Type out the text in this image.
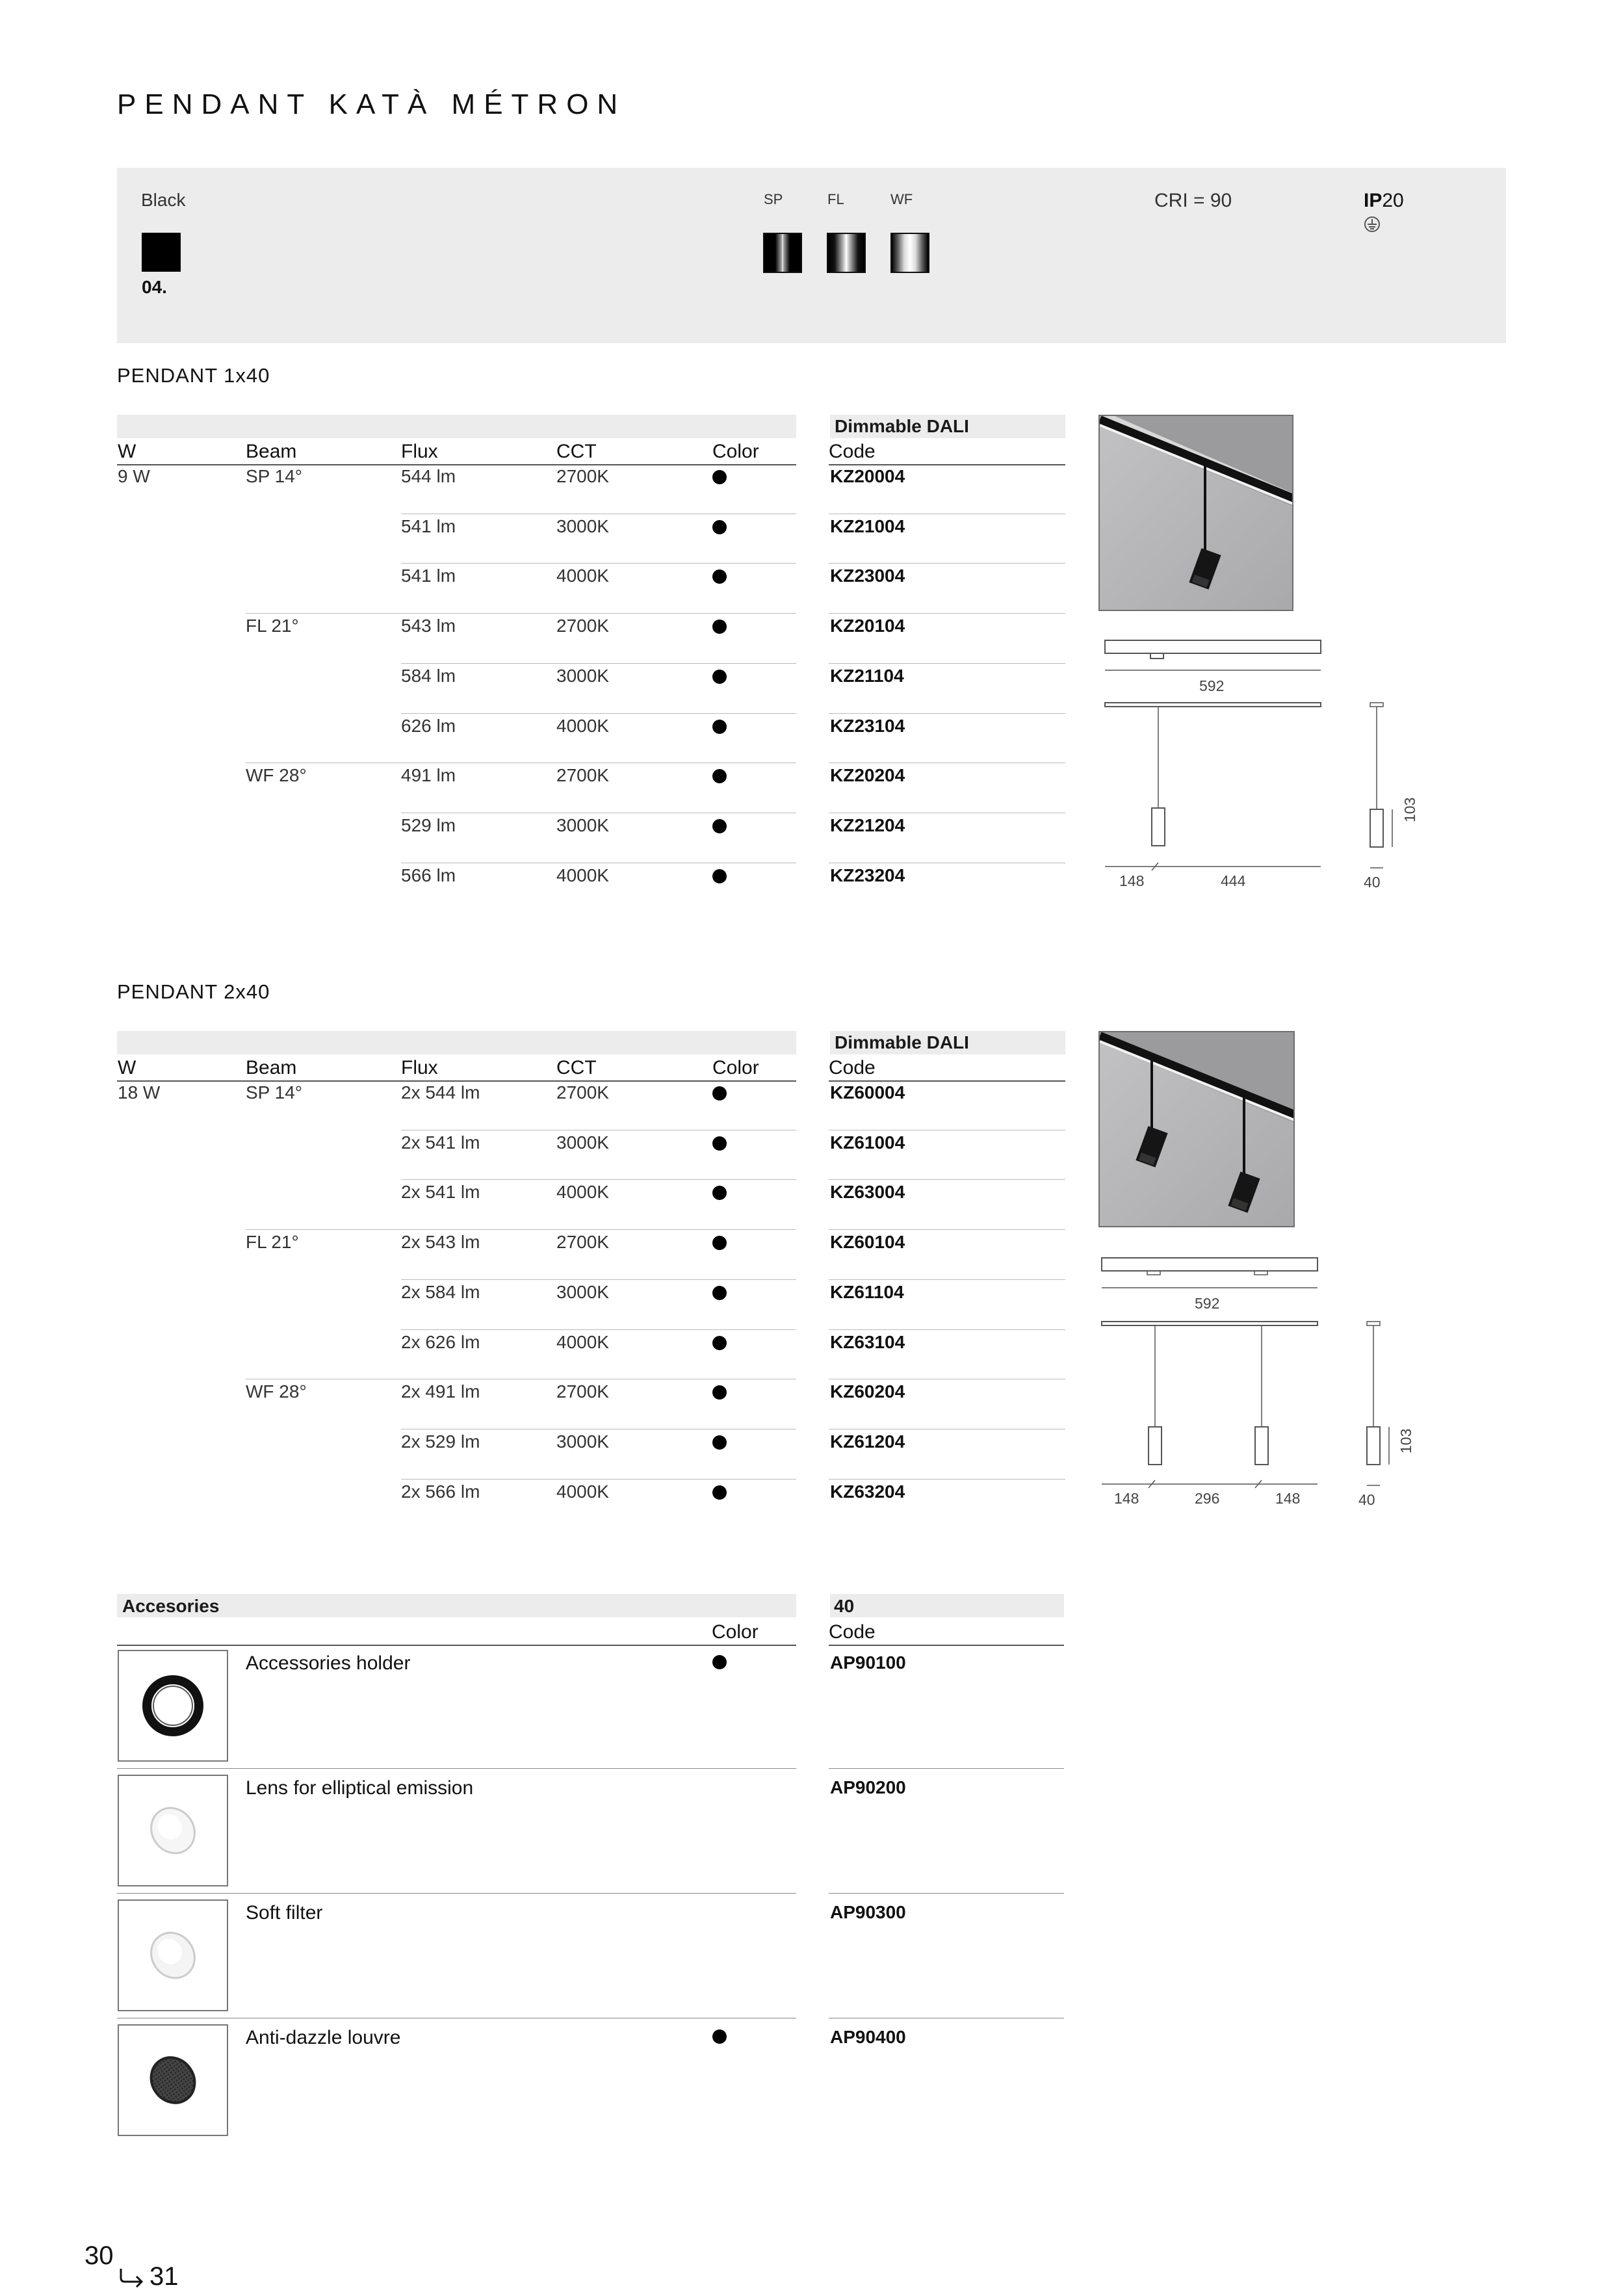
PENDANT KATÀ MÉTRON
Black
04.
SP	FL	WF	CRI = 90	IP20
PENDANT 1x40
Dimmable DALI
W	Beam	Flux	CCT	Color	Code
9 W	SP 14°	544 lm	2700K	KZ20004
541 lm	3000K	KZ21004
541 lm	4000K	KZ23004
FL 21°	543 lm	2700K	KZ20104
584 lm	3000K	KZ21104
626 lm	4000K	KZ23104
WF 28°	491 lm	2700K	KZ20204
529 lm	3000K	KZ21204
566 lm	4000K	KZ23204
592
148	444	40
103
PENDANT 2x40
Dimmable DALI
W	Beam	Flux	CCT	Color	Code
18 W	SP 14°	2x 544 lm	2700K	KZ60004
2x 541 lm	3000K	KZ61004
2x 541 lm	4000K	KZ63004
FL 21°	2x 543 lm	2700K	KZ60104
2x 584 lm	3000K	KZ61104
2x 626 lm	4000K	KZ63104
WF 28°	2x 491 lm	2700K	KZ60204
2x 529 lm	3000K	KZ61204
2x 566 lm	4000K	KZ63204
592
148	296	148	40
103
Accesories	40
Color	Code
Accessories holder	AP90100
Lens for elliptical emission	AP90200
Soft filter	AP90300
Anti-dazzle louvre	AP90400
30
31
